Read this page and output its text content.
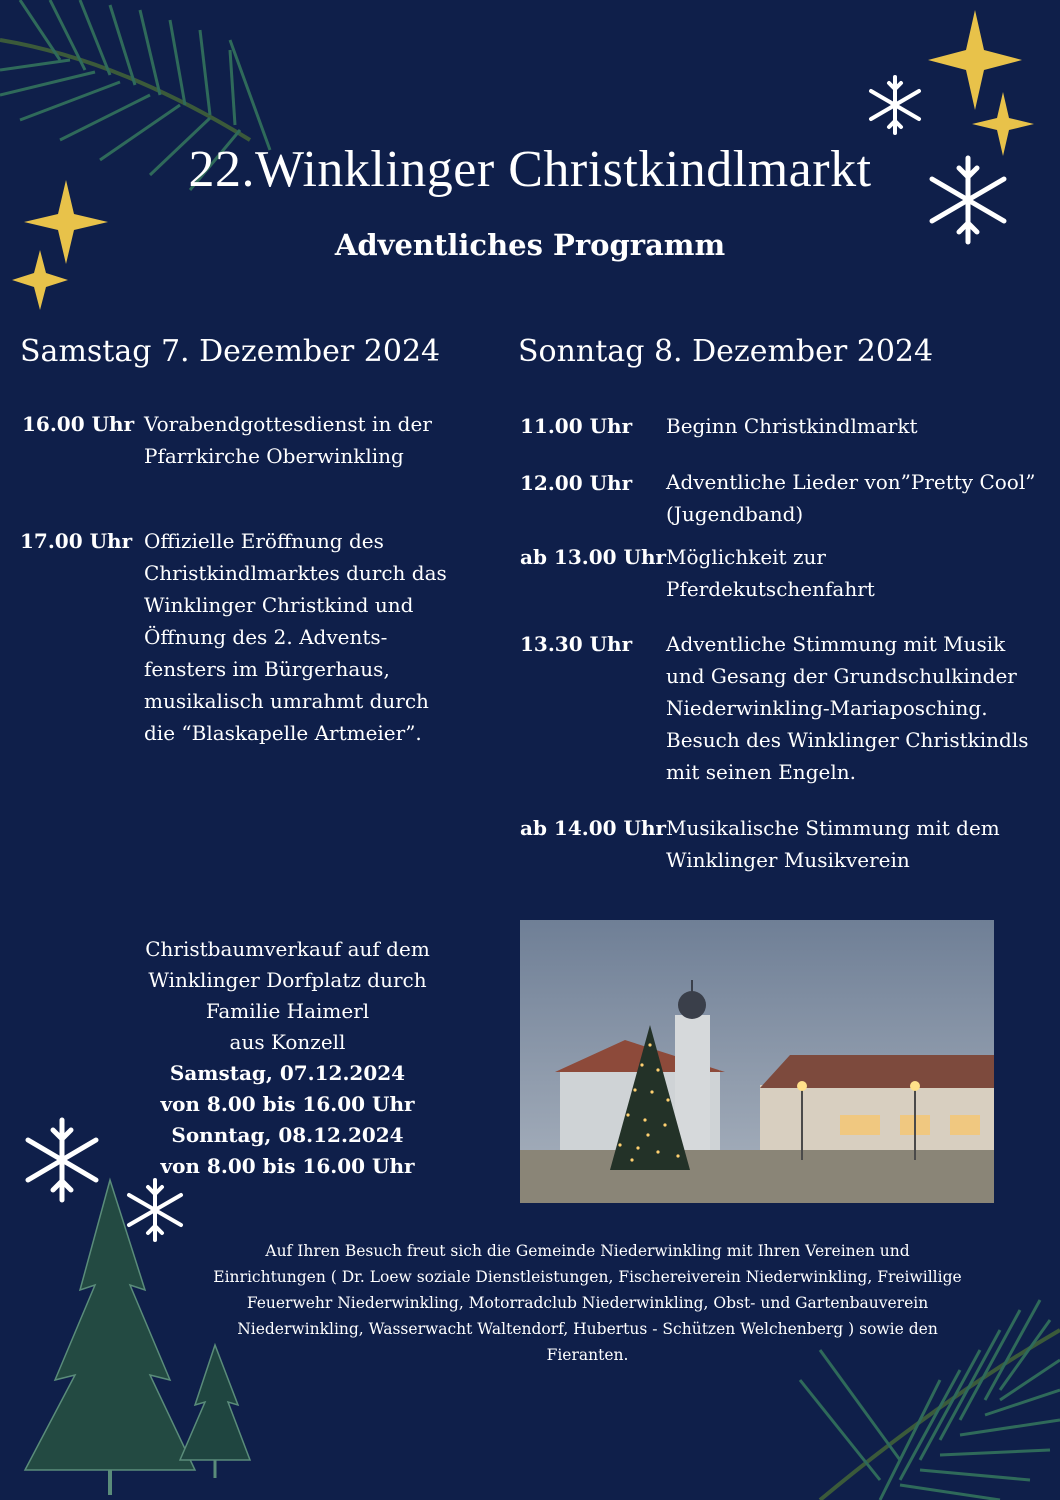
22.Winklinger Christkindlmarkt
Adventliches Programm
Samstag 7. Dezember 2024
16.00 Uhr Vorabendgottesdienst in der
Pfarrkirche Oberwinkling
17.00 Uhr Offizielle Eröffnung des
Christkindlmarktes durch das
Winklinger Christkind und
Öffnung des 2. Advents-
fensters im Bürgerhaus,
musikalisch umrahmt durch
die “Blaskapelle Artmeier”.
Sonntag 8. Dezember 2024
11.00 Uhr Beginn Christkindlmarkt
12.00 Uhr Adventliche Lieder von”Pretty Cool”
(Jugendband)
ab 13.00 Uhr Möglichkeit zur
Pferdekutschenfahrt
13.30 Uhr Adventliche Stimmung mit Musik
und Gesang der Grundschulkinder
Niederwinkling-Mariaposching.
Besuch des Winklinger Christkindls
mit seinen Engeln.
ab 14.00 Uhr Musikalische Stimmung mit dem
Winklinger Musikverein
Christbaumverkauf auf dem
Winklinger Dorfplatz durch
Familie Haimerl
aus Konzell
Samstag, 07.12.2024
von 8.00 bis 16.00 Uhr
Sonntag, 08.12.2024
von 8.00 bis 16.00 Uhr
Auf Ihren Besuch freut sich die Gemeinde Niederwinkling mit Ihren Vereinen und
Einrichtungen ( Dr. Loew soziale Dienstleistungen, Fischereiverein Niederwinkling, Freiwillige
Feuerwehr Niederwinkling, Motorradclub Niederwinkling, Obst- und Gartenbauverein
Niederwinkling, Wasserwacht Waltendorf, Hubertus - Schützen Welchenberg ) sowie den
Fieranten.
